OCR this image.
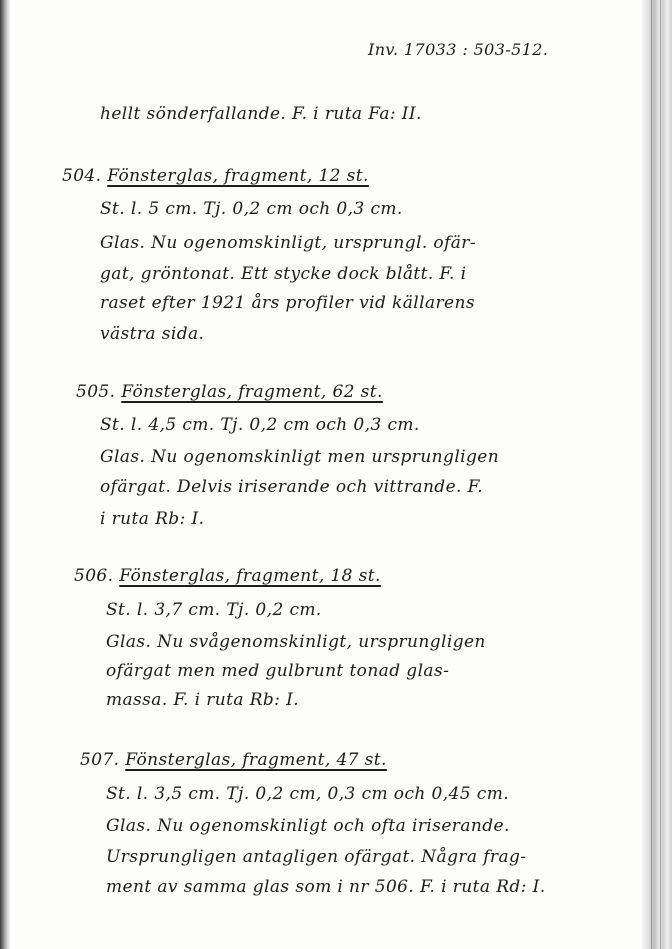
Inv. 17033 : 503-512.
hellt sönderfallande. F. i ruta Fa: II.
504. Fönsterglas, fragment, 12 st.
St. l. 5 cm. Tj. 0,2 cm och 0,3 cm.
Glas. Nu ogenomskinligt, ursprungl. ofär-
gat, gröntonat. Ett stycke dock blått. F. i
raset efter 1921 års profiler vid källarens
västra sida.
505. Fönsterglas, fragment, 62 st.
St. l. 4,5 cm. Tj. 0,2 cm och 0,3 cm.
Glas. Nu ogenomskinligt men ursprungligen
ofärgat. Delvis iriserande och vittrande. F.
i ruta Rb: I.
506. Fönsterglas, fragment, 18 st.
St. l. 3,7 cm. Tj. 0,2 cm.
Glas. Nu svågenomskinligt, ursprungligen
ofärgat men med gulbrunt tonad glas-
massa. F. i ruta Rb: I.
507. Fönsterglas, fragment, 47 st.
St. l. 3,5 cm. Tj. 0,2 cm, 0,3 cm och 0,45 cm.
Glas. Nu ogenomskinligt och ofta iriserande.
Ursprungligen antagligen ofärgat. Några frag-
ment av samma glas som i nr 506. F. i ruta Rd: I.
